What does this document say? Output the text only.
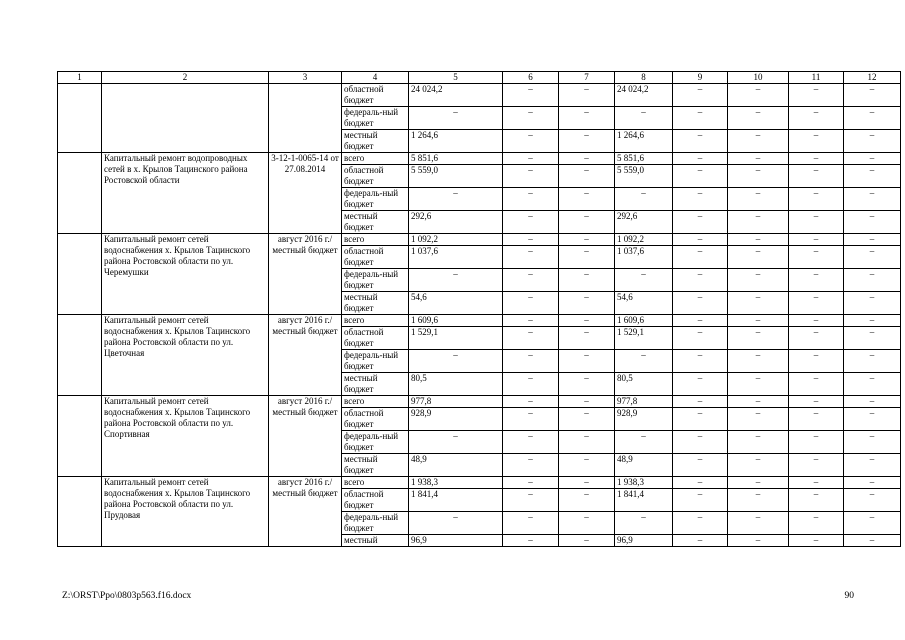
1	2	3	4	5	6	7	8	9	10	11	12
			областной бюджет	24 024,2	–	–	24 024,2	–	–	–	–
			федераль-ный бюджет	–	–	–	–	–	–	–	–
			местный бюджет	1 264,6	–	–	1 264,6	–	–	–	–
	Капитальный ремонт водопроводных сетей в х. Крылов Тацинского района Ростовской области	3-12-1-0065-14 от 27.08.2014	всего	5 851,6	–	–	5 851,6	–	–	–	–
			областной бюджет	5 559,0	–	–	5 559,0	–	–	–	–
			федераль-ный бюджет	–	–	–	–	–	–	–	–
			местный бюджет	292,6	–	–	292,6	–	–	–	–
	Капитальный ремонт сетей водоснабжения х. Крылов Тацинского района Ростовской области по ул. Черемушки	август 2016 г./ местный бюджет	всего	1 092,2	–	–	1 092,2	–	–	–	–
			областной бюджет	1 037,6	–	–	1 037,6	–	–	–	–
			федераль-ный бюджет	–	–	–	–	–	–	–	–
			местный бюджет	54,6	–	–	54,6	–	–	–	–
	Капитальный ремонт сетей водоснабжения х. Крылов Тацинского района Ростовской области по ул. Цветочная	август 2016 г./ местный бюджет	всего	1 609,6	–	–	1 609,6	–	–	–	–
			областной бюджет	1 529,1	–	–	1 529,1	–	–	–	–
			федераль-ный бюджет	–	–	–	–	–	–	–	–
			местный бюджет	80,5	–	–	80,5	–	–	–	–
	Капитальный ремонт сетей водоснабжения х. Крылов Тацинского района Ростовской области по ул. Спортивная	август 2016 г./ местный бюджет	всего	977,8	–	–	977,8	–	–	–	–
			областной бюджет	928,9	–	–	928,9	–	–	–	–
			федераль-ный бюджет	–	–	–	–	–	–	–	–
			местный бюджет	48,9	–	–	48,9	–	–	–	–
	Капитальный ремонт сетей водоснабжения х. Крылов Тацинского района Ростовской области по ул. Прудовая	август 2016 г./ местный бюджет	всего	1 938,3	–	–	1 938,3	–	–	–	–
			областной бюджет	1 841,4	–	–	1 841,4	–	–	–	–
			федераль-ный бюджет	–	–	–	–	–	–	–	–
			местный	96,9	–	–	96,9	–	–	–	–
Z:\ORST\Ppo\0803p563.f16.docx	90
